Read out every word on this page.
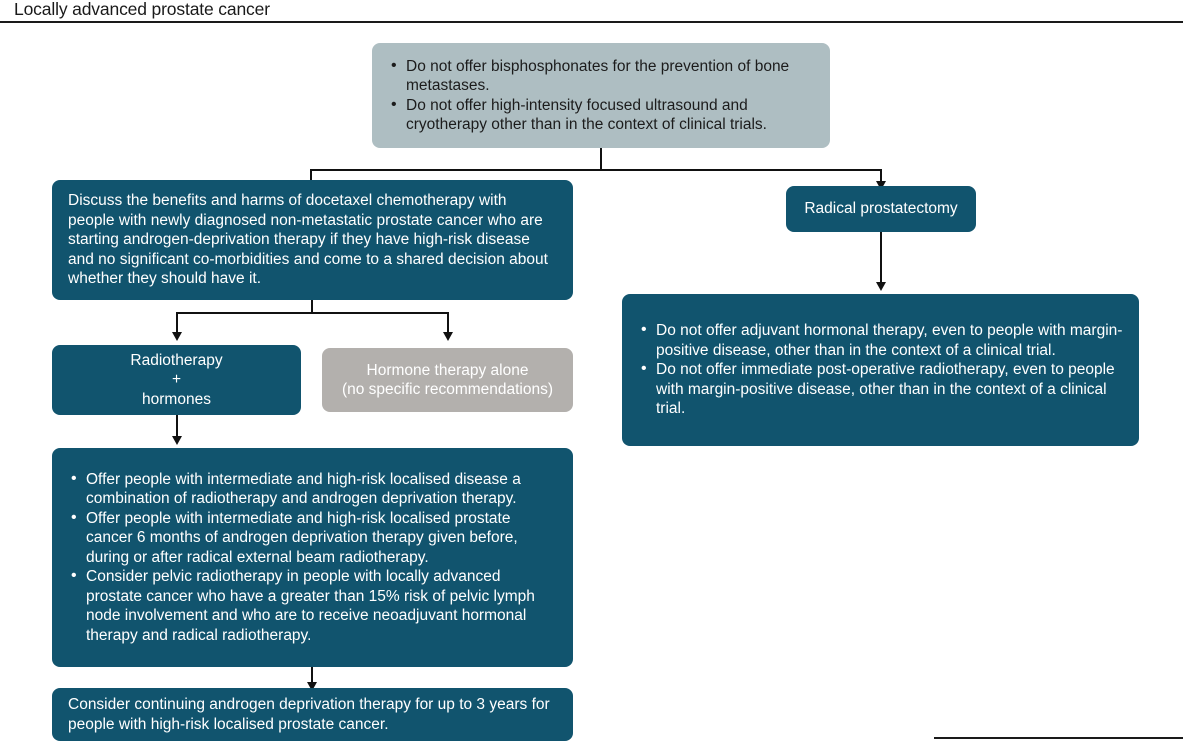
Locally advanced prostate cancer
• Do not offer bisphosphonates for the prevention of bone metastases.
• Do not offer high-intensity focused ultrasound and cryotherapy other than in the context of clinical trials.
Discuss the benefits and harms of docetaxel chemotherapy with people with newly diagnosed non-metastatic prostate cancer who are starting androgen-deprivation therapy if they have high-risk disease and no significant co-morbidities and come to a shared decision about whether they should have it.
Radiotherapy
+
hormones
Hormone therapy alone
(no specific recommendations)
• Offer people with intermediate and high-risk localised disease a combination of radiotherapy and androgen deprivation therapy.
• Offer people with intermediate and high-risk localised prostate cancer 6 months of androgen deprivation therapy given before, during or after radical external beam radiotherapy.
• Consider pelvic radiotherapy in people with locally advanced prostate cancer who have a greater than 15% risk of pelvic lymph node involvement and who are to receive neoadjuvant hormonal therapy and radical radiotherapy.
Consider continuing androgen deprivation therapy for up to 3 years for people with high-risk localised prostate cancer.
Radical prostatectomy
• Do not offer adjuvant hormonal therapy, even to people with margin-positive disease, other than in the context of a clinical trial.
• Do not offer immediate post-operative radiotherapy, even to people with margin-positive disease, other than in the context of a clinical trial.
